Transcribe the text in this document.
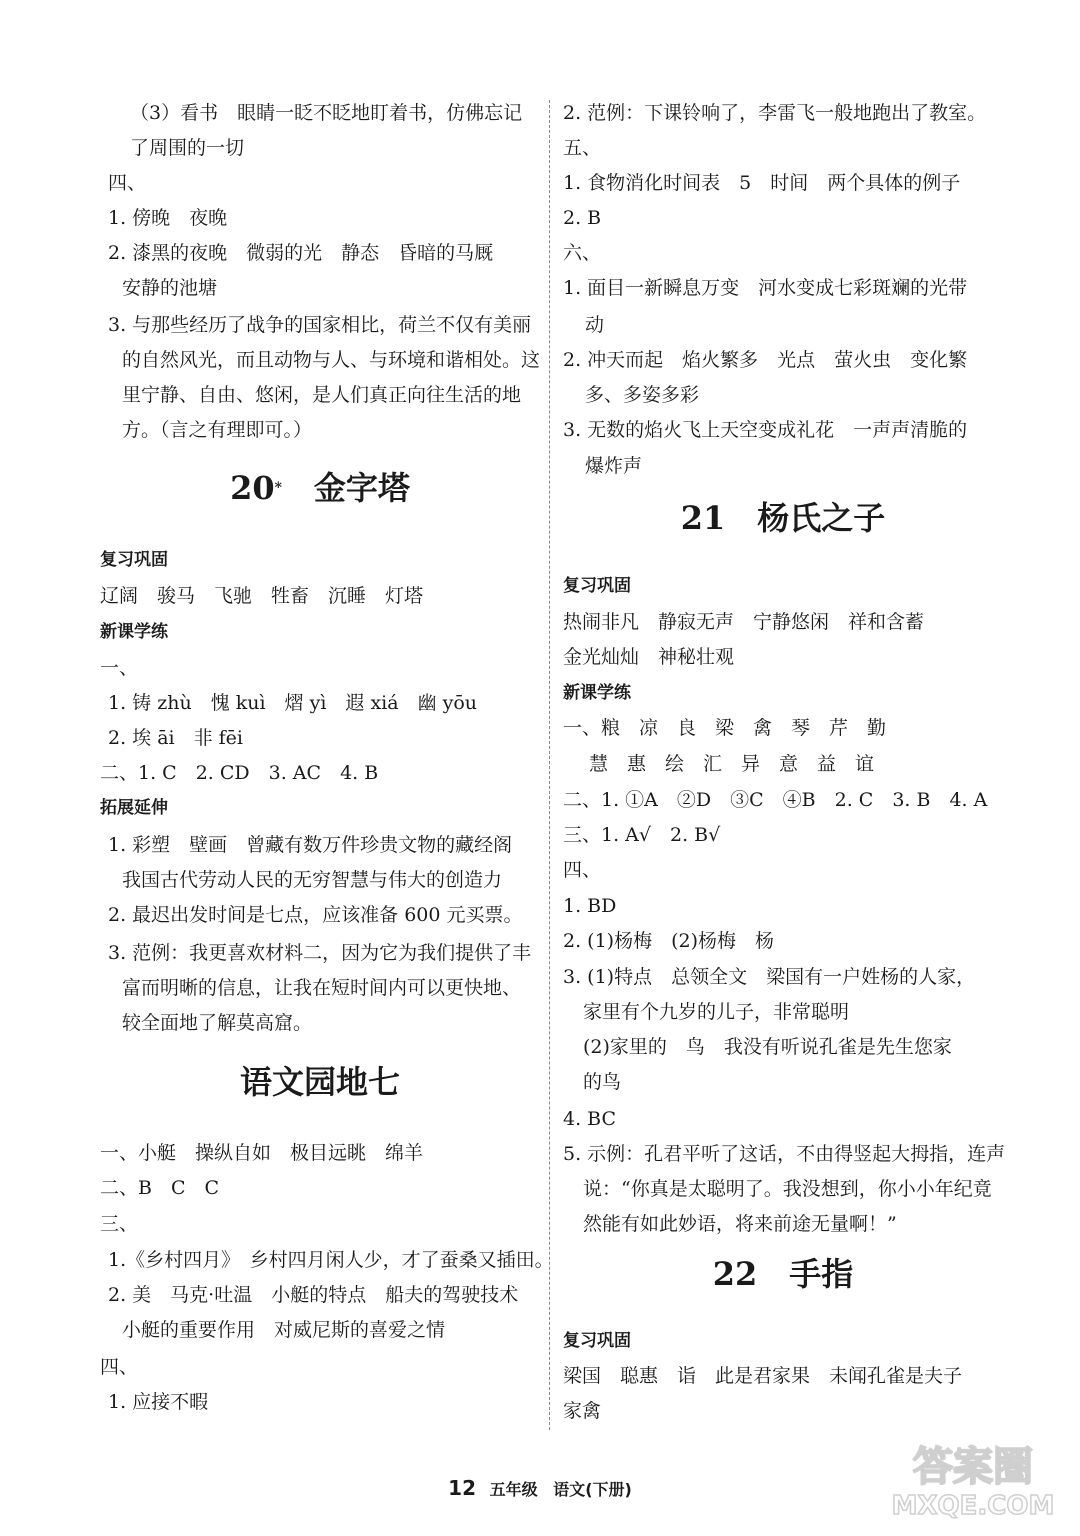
（3）看书　眼睛一眨不眨地盯着书，仿佛忘记
了周围的一切
四、
1. 傍晚　夜晚
2. 漆黑的夜晚　微弱的光　静态　昏暗的马厩
安静的池塘
3. 与那些经历了战争的国家相比，荷兰不仅有美丽
的自然风光，而且动物与人、与环境和谐相处。这
里宁静、自由、悠闲，是人们真正向往生活的地
方。（言之有理即可。）
复习巩固
辽阔　骏马　飞驰　牲畜　沉睡　灯塔
新课学练
一、
1. 铸 zhù　愧 kuì　熠 yì　遐 xiá　幽 yōu
2. 埃 āi　非 fēi
二、1. C　2. CD　3. AC　4. B
拓展延伸
1. 彩塑　壁画　曾藏有数万件珍贵文物的藏经阁
我国古代劳动人民的无穷智慧与伟大的创造力
2. 最迟出发时间是七点，应该准备 600 元买票。
3. 范例：我更喜欢材料二，因为它为我们提供了丰
富而明晰的信息，让我在短时间内可以更快地、
较全面地了解莫高窟。
一、小艇　操纵自如　极目远眺　绵羊
二、B　C　C
三、
1.《乡村四月》　乡村四月闲人少，才了蚕桑又插田。
2. 美　马克·吐温　小艇的特点　船夫的驾驶技术
小艇的重要作用　对威尼斯的喜爱之情
四、
1. 应接不暇
20* 金字塔
语文园地七
2. 范例：下课铃响了，李雷飞一般地跑出了教室。
五、
1. 食物消化时间表　5　时间　两个具体的例子
2. B
六、
1. 面目一新瞬息万变　河水变成七彩斑斓的光带
动
2. 冲天而起　焰火繁多　光点　萤火虫　变化繁
多、多姿多彩
3. 无数的焰火飞上天空变成礼花　一声声清脆的
爆炸声
复习巩固
热闹非凡　静寂无声　宁静悠闲　祥和含蓄
金光灿灿　神秘壮观
新课学练
一、粮　凉　良　梁　禽　琴　芹　勤
慧　惠　绘　汇　异　意　益　谊
二、1. ①A　②D　③C　④B　2. C　3. B　4. A
三、1. A√　2. B√
四、
1. BD
2. (1)杨梅　(2)杨梅　杨
3. (1)特点　总领全文　梁国有一户姓杨的人家，
家里有个九岁的儿子，非常聪明
(2)家里的　鸟　我没有听说孔雀是先生您家
的鸟
4. BC
5. 示例：孔君平听了这话，不由得竖起大拇指，连声
说：“你真是太聪明了。我没想到，你小小年纪竟
然能有如此妙语，将来前途无量啊！”
复习巩固
梁国　聪惠　诣　此是君家果　未闻孔雀是夫子
家禽
21 杨氏之子
22 手指
12 五年级 语文(下册)	答案圈
MXQE.COM
